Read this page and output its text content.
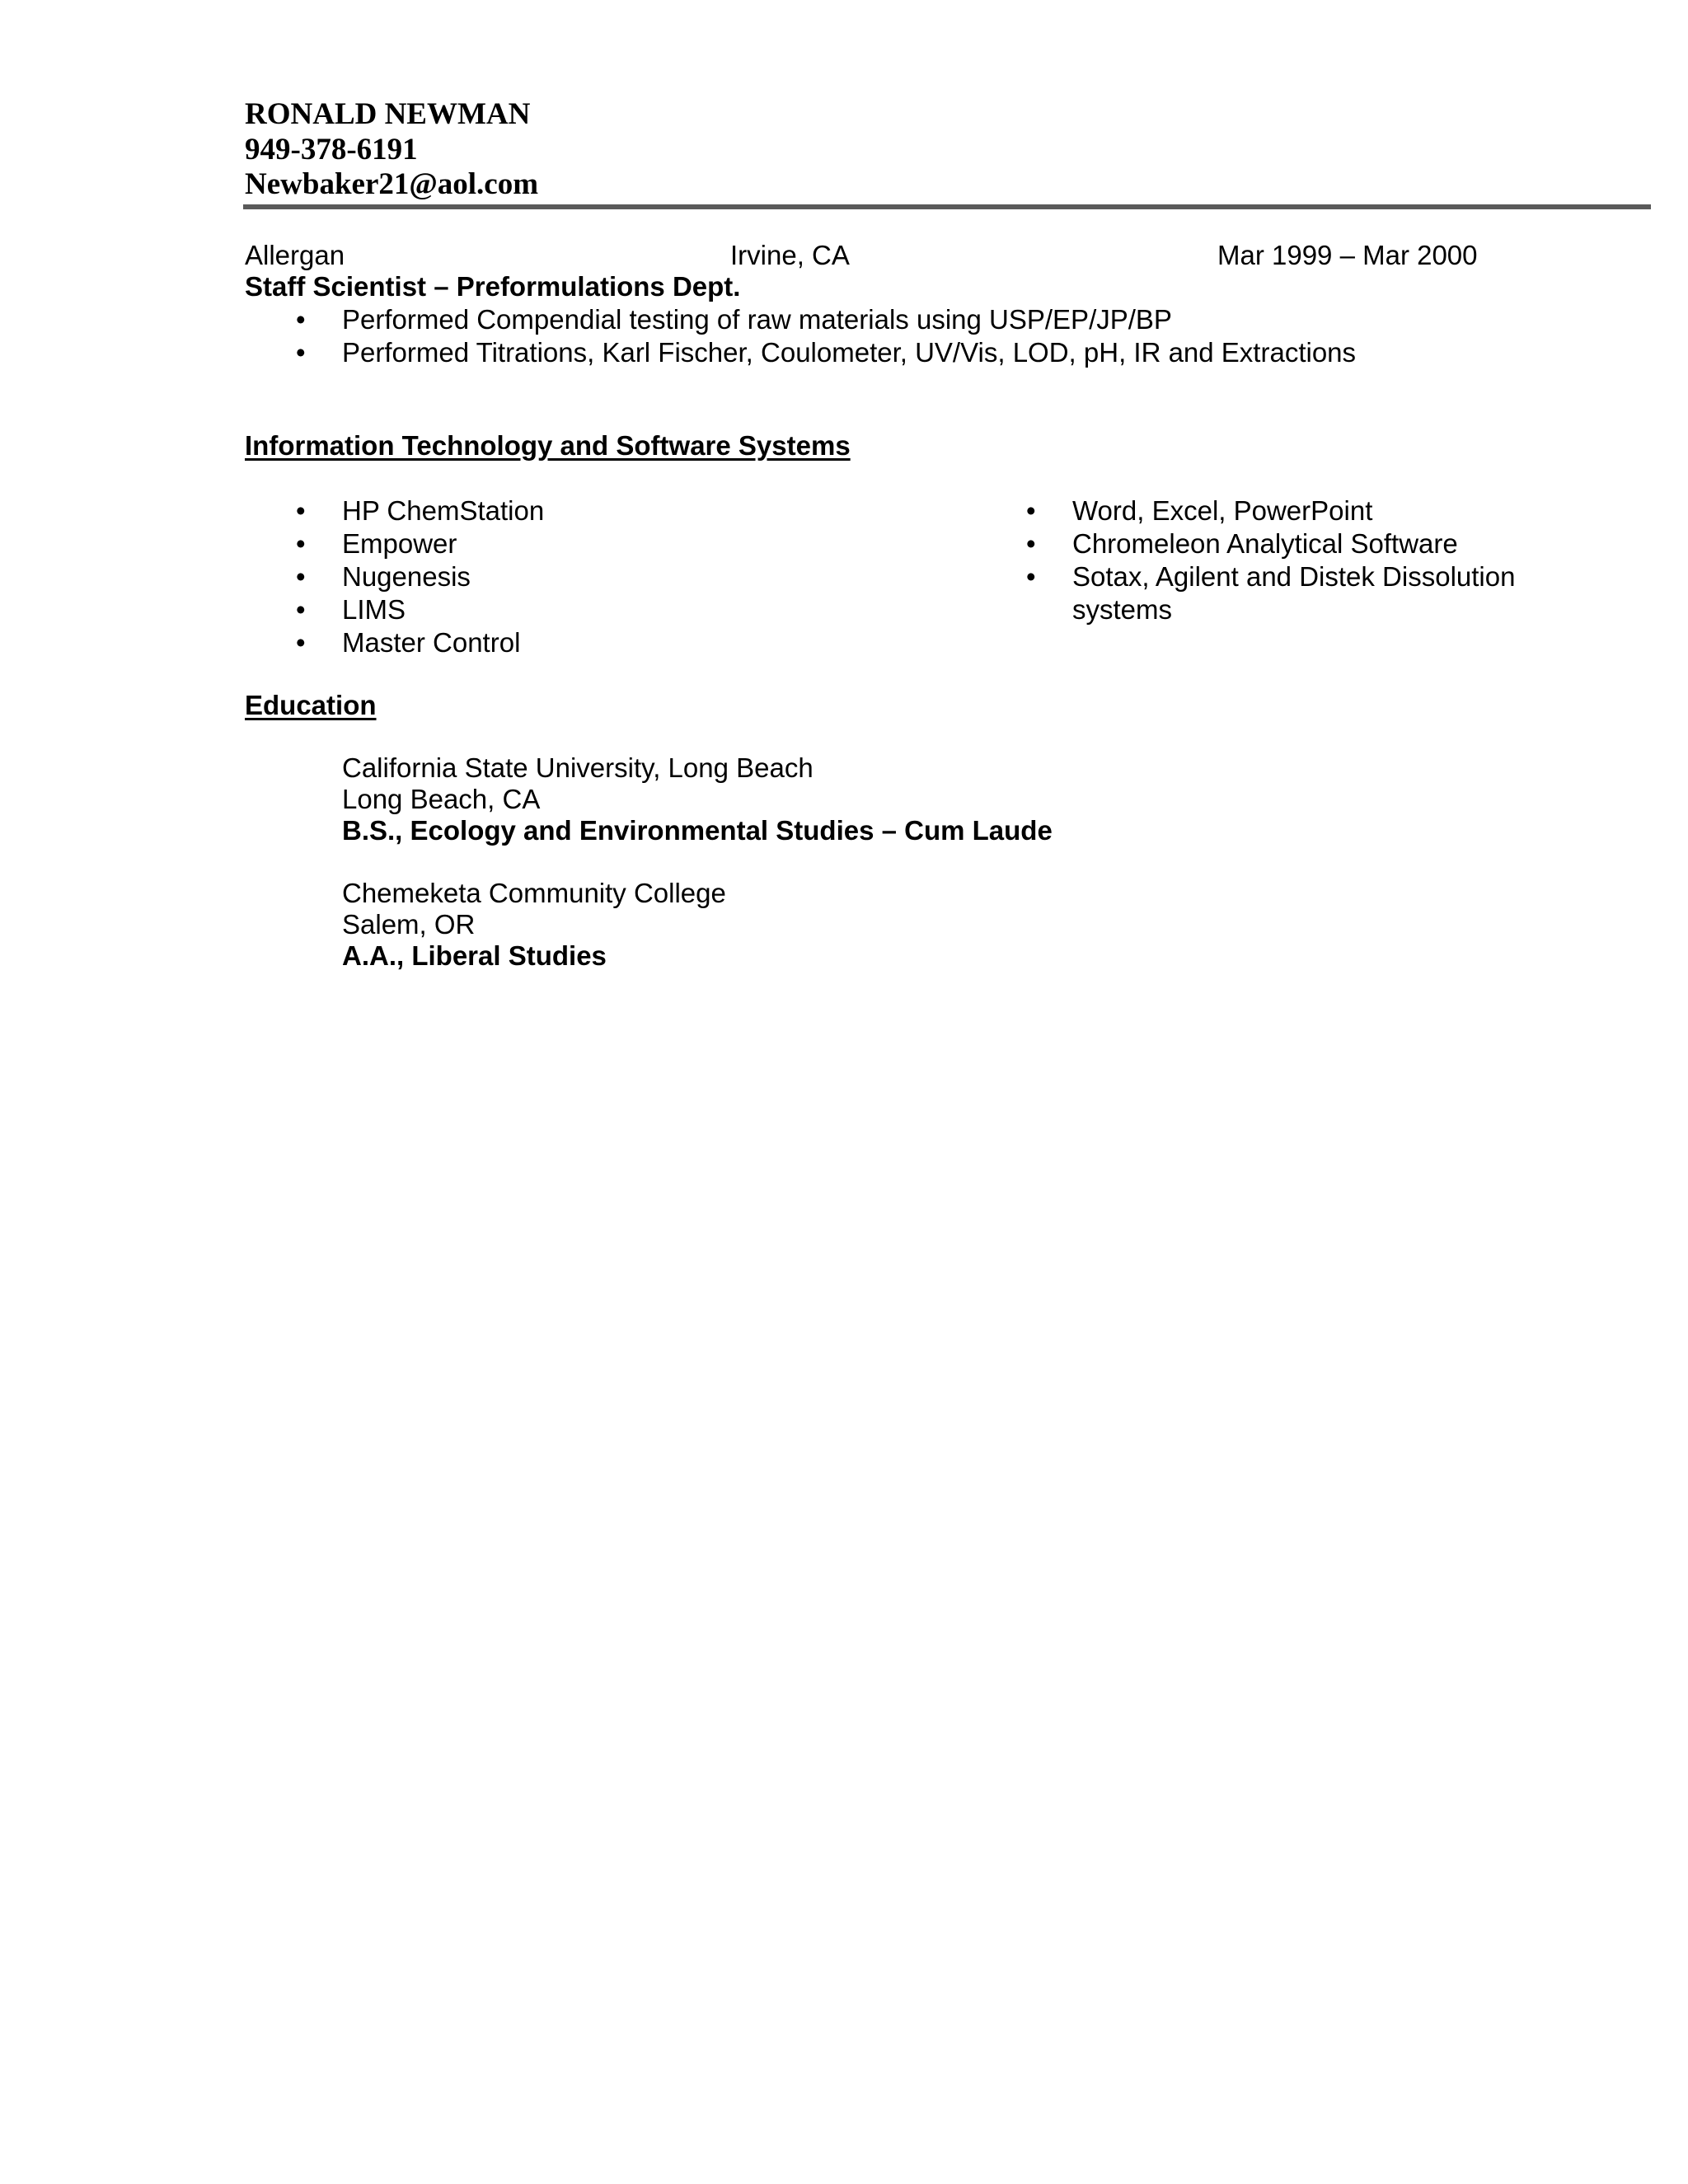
RONALD NEWMAN
949-378-6191
Newbaker21@aol.com
Allergan	Irvine, CA	Mar 1999 – Mar 2000
Staff Scientist – Preformulations Dept.
• Performed Compendial testing of raw materials using USP/EP/JP/BP
• Performed Titrations, Karl Fischer, Coulometer, UV/Vis, LOD, pH, IR and Extractions
Information Technology and Software Systems
• HP ChemStation
• Empower
• Nugenesis
• LIMS
• Master Control
• Word, Excel, PowerPoint
• Chromeleon Analytical Software
• Sotax, Agilent and Distek Dissolution systems
Education
California State University, Long Beach
Long Beach, CA
B.S., Ecology and Environmental Studies – Cum Laude
Chemeketa Community College
Salem, OR
A.A., Liberal Studies
